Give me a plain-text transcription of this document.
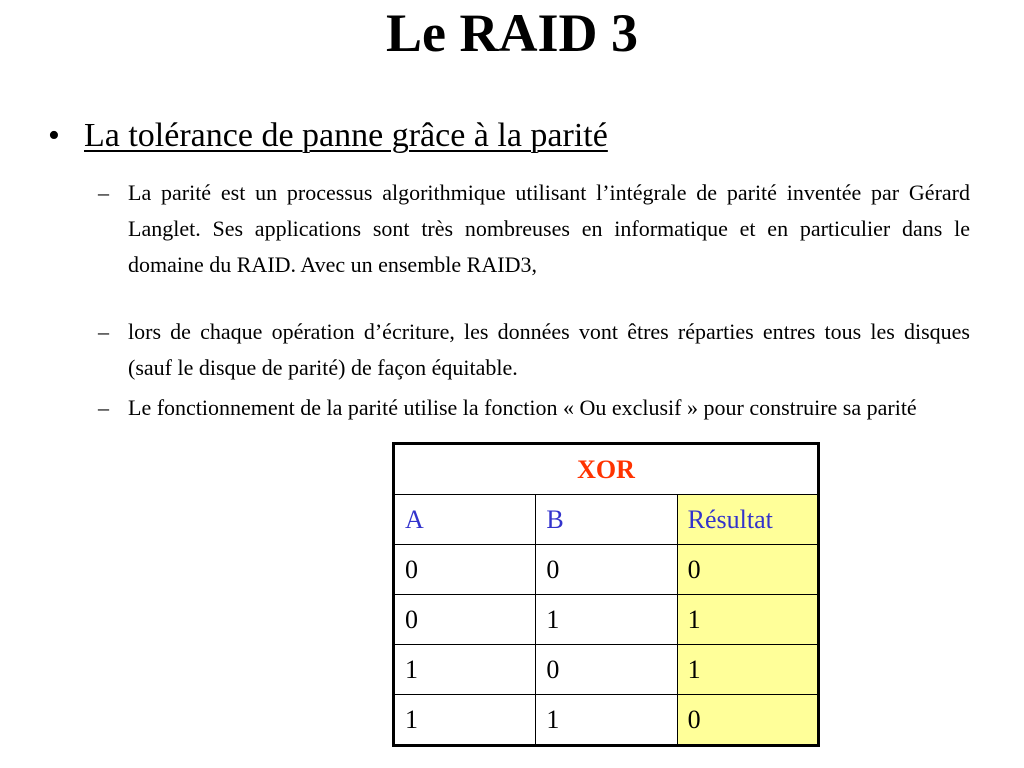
Le RAID 3
• La tolérance de panne grâce à la parité
– La parité est un processus algorithmique utilisant l’intégrale de parité inventée par Gérard Langlet. Ses applications sont très nombreuses en informatique et en particulier dans le domaine du RAID. Avec un ensemble RAID3,
– lors de chaque opération d’écriture, les données vont êtres réparties entres tous les disques (sauf le disque de parité) de façon équitable.
– Le fonctionnement de la parité utilise la fonction « Ou exclusif » pour construire sa parité
XOR		
A	B	Résultat
0	0	0
0	1	1
1	0	1
1	1	0
